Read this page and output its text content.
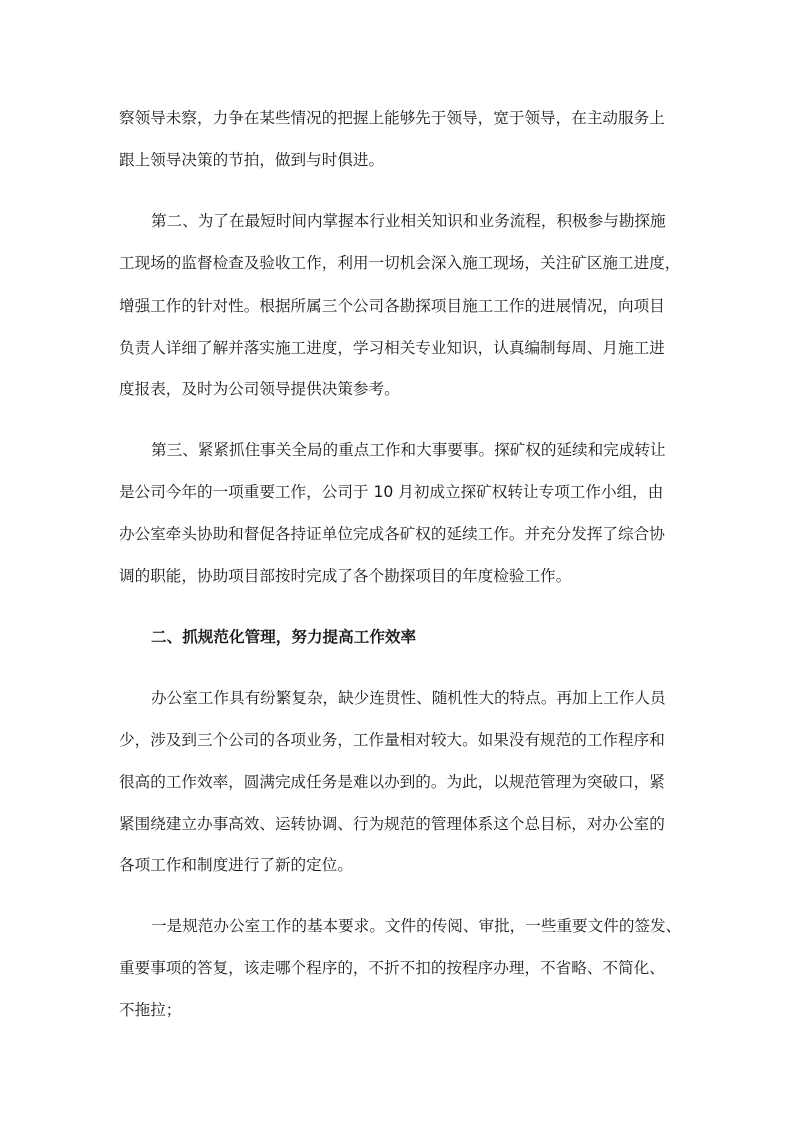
察领导未察，力争在某些情况的把握上能够先于领导，宽于领导，在主动服务上

跟上领导决策的节拍，做到与时俱进。

第二、为了在最短时间内掌握本行业相关知识和业务流程，积极参与勘探施

工现场的监督检查及验收工作，利用一切机会深入施工现场，关注矿区施工进度，

增强工作的针对性。根据所属三个公司各勘探项目施工工作的进展情况，向项目

负责人详细了解并落实施工进度，学习相关专业知识，认真编制每周、月施工进

度报表，及时为公司领导提供决策参考。

第三、紧紧抓住事关全局的重点工作和大事要事。探矿权的延续和完成转让

是公司今年的一项重要工作，公司于 10 月初成立探矿权转让专项工作小组，由

办公室牵头协助和督促各持证单位完成各矿权的延续工作。并充分发挥了综合协

调的职能，协助项目部按时完成了各个勘探项目的年度检验工作。

二、抓规范化管理，努力提高工作效率

办公室工作具有纷繁复杂，缺少连贯性、随机性大的特点。再加上工作人员

少，涉及到三个公司的各项业务，工作量相对较大。如果没有规范的工作程序和

很高的工作效率，圆满完成任务是难以办到的。为此，以规范管理为突破口，紧

紧围绕建立办事高效、运转协调、行为规范的管理体系这个总目标，对办公室的

各项工作和制度进行了新的定位。

一是规范办公室工作的基本要求。文件的传阅、审批，一些重要文件的签发、

重要事项的答复，该走哪个程序的，不折不扣的按程序办理，不省略、不简化、

不拖拉；
